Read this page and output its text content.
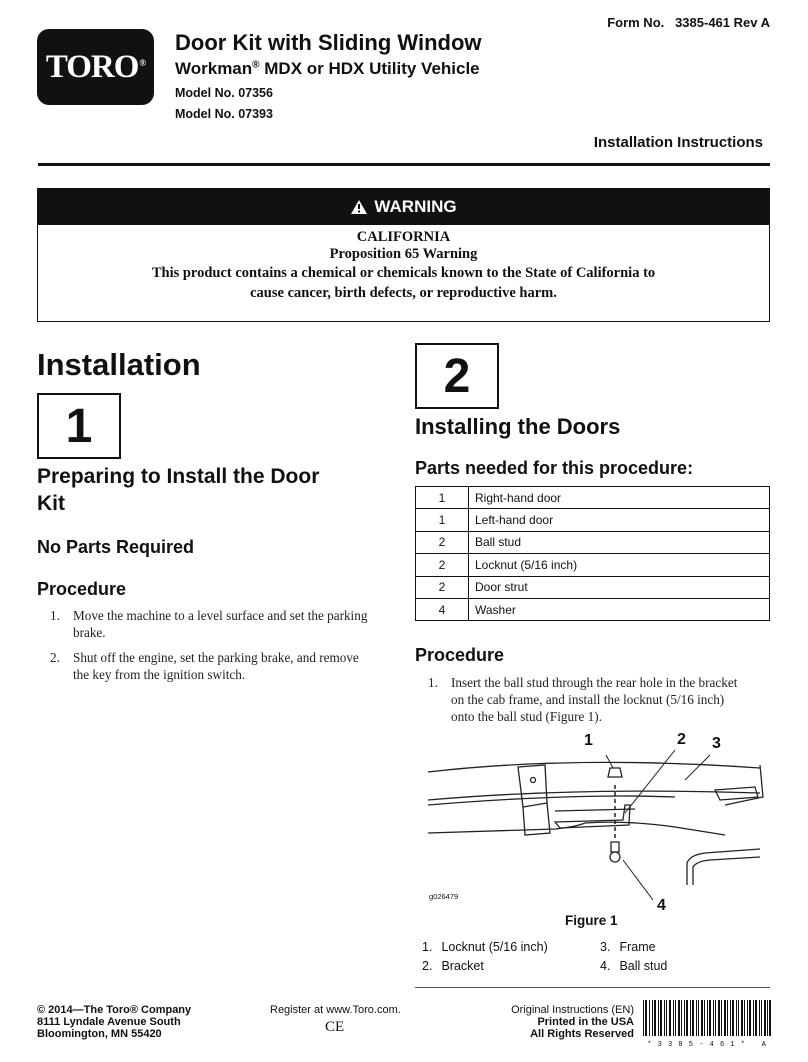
TORO®
Door Kit with Sliding Window
Workman® MDX or HDX Utility Vehicle
Model No. 07356
Model No. 07393
Form No.   3385-461 Rev A
Installation Instructions
WARNING
CALIFORNIA
Proposition 65 Warning
This product contains a chemical or chemicals known to the State of California to
cause cancer, birth defects, or reproductive harm.
Installation
1
Preparing to Install the Door
Kit
No Parts Required
Procedure
1. Move the machine to a level surface and set the parking
brake.
2. Shut off the engine, set the parking brake, and remove
the key from the ignition switch.
2
Installing the Doors
Parts needed for this procedure:
1	Right-hand door
1	Left-hand door
2	Ball stud
2	Locknut (5/16 inch)
2	Door strut
4	Washer
Procedure
1. Insert the ball stud through the rear hole in the bracket
on the cab frame, and install the locknut (5/16 inch)
onto the ball stud (Figure 1).
1	2 3
4
g026479
Figure 1
1. Locknut (5/16 inch)
2. Bracket
3. Frame
4. Ball stud
© 2014—The Toro® Company
8111 Lyndale Avenue South
Bloomington, MN 55420
Register at www.Toro.com.
CE
Original Instructions (EN)
Printed in the USA
All Rights Reserved
* 3 3 8 5 - 4 6 1 *   A
